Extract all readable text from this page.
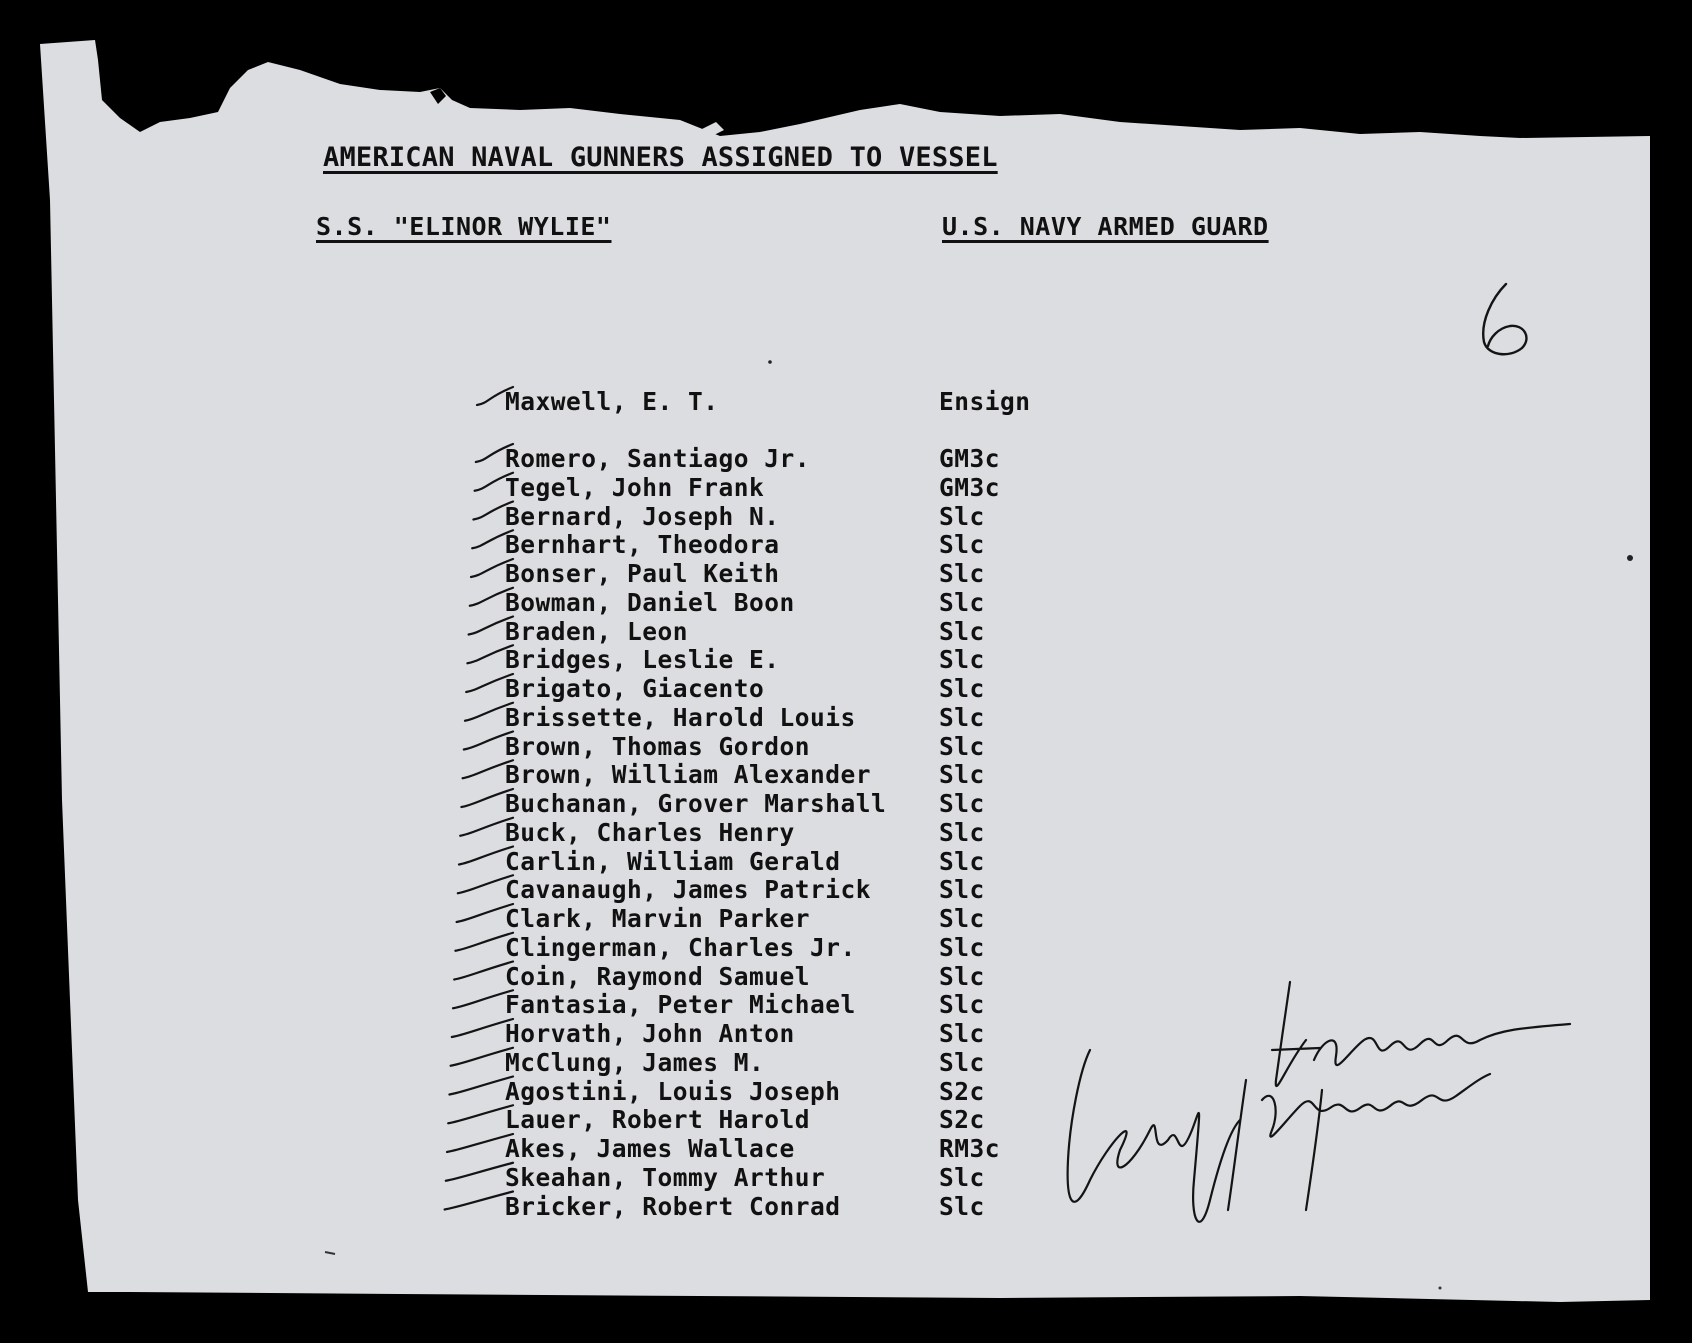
AMERICAN NAVAL GUNNERS ASSIGNED TO VESSEL
S.S. "ELINOR WYLIE"	U.S. NAVY ARMED GUARD
Maxwell, E. T.	Ensign
Romero, Santiago Jr.	GM3c
Tegel, John Frank	GM3c
Bernard, Joseph N.	Slc
Bernhart, Theodora	Slc
Bonser, Paul Keith	Slc
Bowman, Daniel Boon	Slc
Braden, Leon	Slc
Bridges, Leslie E.	Slc
Brigato, Giacento	Slc
Brissette, Harold Louis	Slc
Brown, Thomas Gordon	Slc
Brown, William Alexander	Slc
Buchanan, Grover Marshall Slc
Buck, Charles Henry	Slc
Carlin, William Gerald	Slc
Cavanaugh, James Patrick	Slc
Clark, Marvin Parker	Slc
Clingerman, Charles Jr.	Slc
Coin, Raymond Samuel	Slc
Fantasia, Peter Michael	Slc
Horvath, John Anton	Slc
McClung, James M.	Slc
Agostini, Louis Joseph	S2c
Lauer, Robert Harold	S2c
Akes, James Wallace	RM3c
Skeahan, Tommy Arthur	Slc
Bricker, Robert Conrad	Slc
